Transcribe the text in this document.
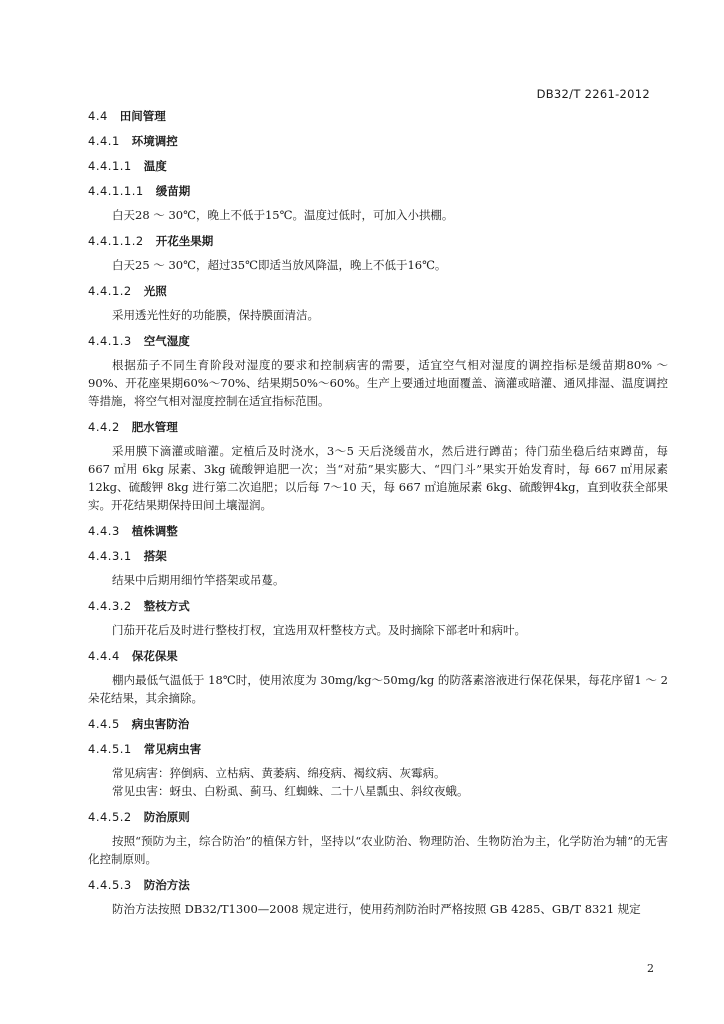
DB32/T 2261-2012
4.4 田间管理
4.4.1 环境调控
4.4.1.1 温度
4.4.1.1.1 缓苗期
白天28 ～ 30℃，晚上不低于15℃。温度过低时，可加入小拱棚。
4.4.1.1.2 开花坐果期
白天25 ～ 30℃，超过35℃即适当放风降温，晚上不低于16℃。
4.4.1.2 光照
采用透光性好的功能膜，保持膜面清洁。
4.4.1.3 空气湿度
根据茄子不同生育阶段对湿度的要求和控制病害的需要，适宜空气相对湿度的调控指标是缓苗期80% ～ 90%、开花座果期60%～70%、结果期50%～60%。生产上要通过地面覆盖、滴灌或暗灌、通风排湿、温度调控等措施，将空气相对湿度控制在适宜指标范围。
4.4.2 肥水管理
采用膜下滴灌或暗灌。定植后及时浇水，3～5 天后浇缓苗水，然后进行蹲苗；待门茄坐稳后结束蹲苗，每667 ㎡用 6kg 尿素、3kg 硫酸钾追肥一次；当“对茄”果实膨大、“四门斗”果实开始发育时，每 667 ㎡用尿素 12kg、硫酸钾 8kg 进行第二次追肥；以后每 7～10 天，每 667 ㎡追施尿素 6kg、硫酸钾4kg，直到收获全部果实。开花结果期保持田间土壤湿润。
4.4.3 植株调整
4.4.3.1 搭架
结果中后期用细竹竿搭架或吊蔓。
4.4.3.2 整枝方式
门茄开花后及时进行整枝打杈，宜选用双杆整枝方式。及时摘除下部老叶和病叶。
4.4.4 保花保果
棚内最低气温低于 18℃时，使用浓度为 30mg/kg～50mg/kg 的防落素溶液进行保花保果，每花序留1 ～ 2 朵花结果，其余摘除。
4.4.5 病虫害防治
4.4.5.1 常见病虫害
常见病害：猝倒病、立枯病、黄萎病、绵疫病、褐纹病、灰霉病。
常见虫害：蚜虫、白粉虱、蓟马、红蜘蛛、二十八星瓢虫、斜纹夜蛾。
4.4.5.2 防治原则
按照“预防为主，综合防治”的植保方针，坚持以“农业防治、物理防治、生物防治为主，化学防治为辅”的无害化控制原则。
4.4.5.3 防治方法
防治方法按照 DB32/T1300—2008 规定进行，使用药剂防治时严格按照 GB 4285、GB/T 8321 规定
2
